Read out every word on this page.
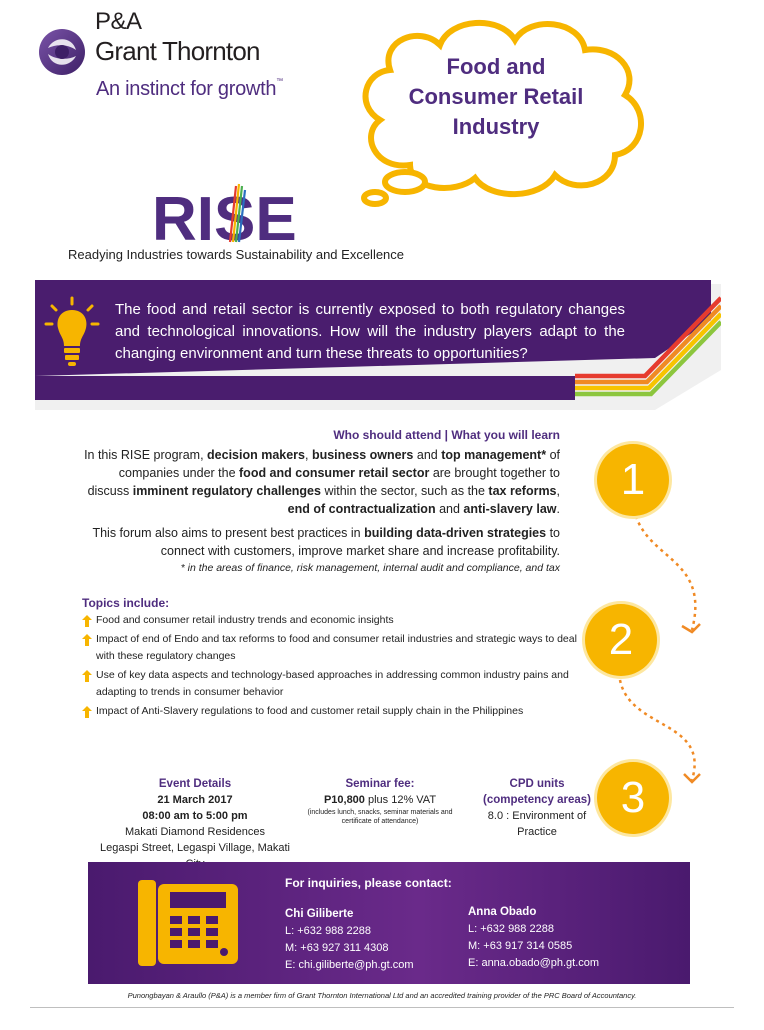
P&A
Grant Thornton
An instinct for growth™
Food and
Consumer Retail
Industry
RISE
Readying Industries towards Sustainability and Excellence
The food and retail sector is currently exposed to both regulatory changes and technological innovations. How will the industry players adapt to the changing environment and turn these threats to opportunities?
Who should attend | What you will learn
In this RISE program, decision makers, business owners and top management* of companies under the food and consumer retail sector are brought together to discuss imminent regulatory challenges within the sector, such as the tax reforms, end of contractualization and anti-slavery law.
This forum also aims to present best practices in building data-driven strategies to connect with customers, improve market share and increase profitability.
* in the areas of finance, risk management, internal audit and compliance, and tax
1
2
3
Topics include:
Food and consumer retail industry trends and economic insights
Impact of end of Endo and tax reforms to food and consumer retail industries and strategic ways to deal with these regulatory changes
Use of key data aspects and technology-based approaches in addressing common industry pains and adapting to trends in consumer behavior
Impact of Anti-Slavery regulations to food and customer retail supply chain in the Philippines
Event Details
21 March 2017
08:00 am to 5:00 pm
Makati Diamond Residences
Legaspi Street, Legaspi Village, Makati
Seminar fee:
P10,800 plus 12% VAT
(includes lunch, snacks, seminar materials and certificate of attendance)
CPD units
(competency areas)
8.0 : Environment of Practice
For inquiries, please contact:
Chi Giliberte
L: +632 988 2288
M: +63 927 311 4308
E: chi.giliberte@ph.gt.com
Anna Obado
L: +632 988 2288
M: +63 917 314 0585
E: anna.obado@ph.gt.com
Punongbayan & Araullo (P&A) is a member firm of Grant Thornton International Ltd and an accredited training provider of the PRC Board of Accountancy.
